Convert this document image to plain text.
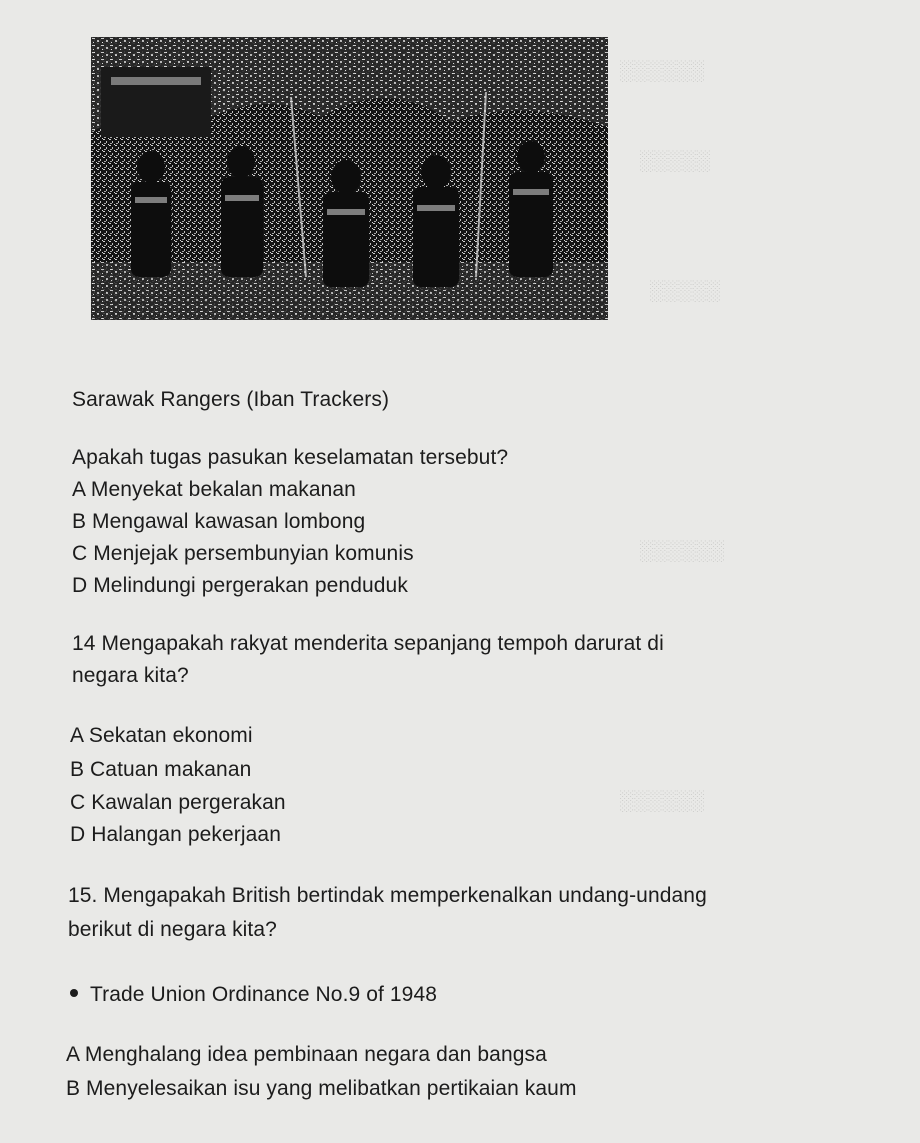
░░░░░░
░░░░░
░░░░░
░░░░░░
░░░░░░
Sarawak Rangers (Iban Trackers)
Apakah tugas pasukan keselamatan tersebut?
A Menyekat bekalan makanan
B Mengawal kawasan lombong
C Menjejak persembunyian komunis
D Melindungi pergerakan penduduk
14 Mengapakah rakyat menderita sepanjang tempoh darurat di
negara kita?
A Sekatan ekonomi
B Catuan makanan
C Kawalan pergerakan
D Halangan pekerjaan
15. Mengapakah British bertindak memperkenalkan undang-undang
berikut di negara kita?
Trade Union Ordinance No.9 of 1948
A Menghalang idea pembinaan negara dan bangsa
B Menyelesaikan isu yang melibatkan pertikaian kaum
